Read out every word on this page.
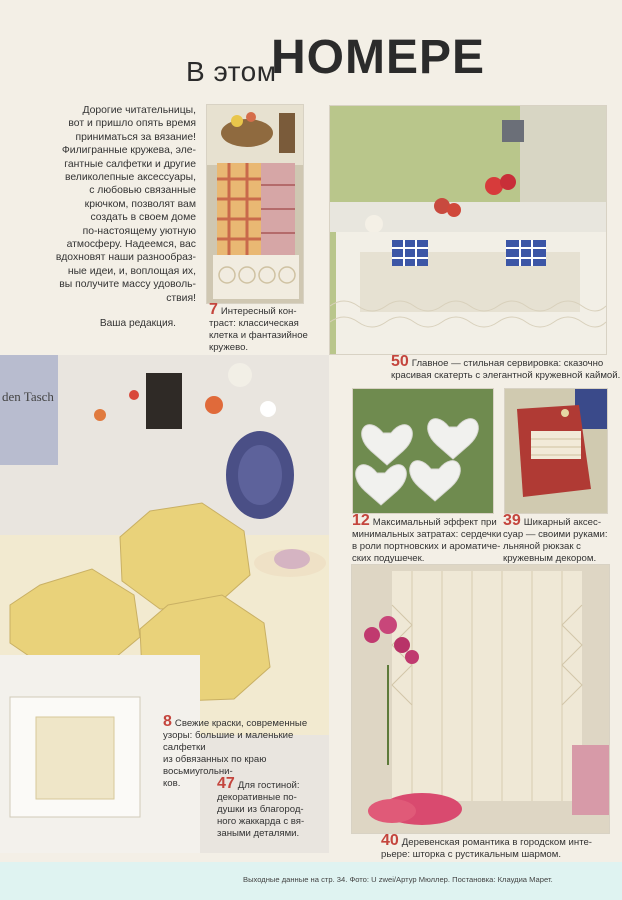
В этом
НОМЕРЕ
Дорогие читательницы,
вот и пришло опять время
приниматься за вязание!
Филигранные кружева, эле-
гантные салфетки и другие
великолепные аксессуары,
с любовью связанные
крючком, позволят вам
создать в своем доме
по-настоящему уютную
атмосферу. Надеемся, вас
вдохновят наши разнообраз-
ные идеи, и, воплощая их,
вы получите массу удоволь-
ствия!
Ваша редакция.
7 Интересный кон-
траст: классическая
клетка и фантазийное
кружево.
50 Главное — стильная сервировка: сказочно
красивая скатерть с элегантной кружевной каймой.
den Tasch
8 Свежие краски, современные
узоры: большие и маленькие салфетки
из обвязанных по краю восьмиугольни-
ков.	47 Для гостиной:
декоративные по-
душки из благород-
ного жаккарда с вя-
заными деталями.
12 Максимальный эффект при
минимальных затратах: сердечки
в роли портновских и ароматиче-
ских подушечек.
39 Шикарный аксес-
суар — своими руками:
льняной рюкзак с
кружевным декором.
40 Деревенская романтика в городском инте-
рьере: шторка с рустикальным шармом.
Выходные данные на стр. 34. Фото: U zwei/Артур Мюллер. Постановка: Клаудиа Марет.
